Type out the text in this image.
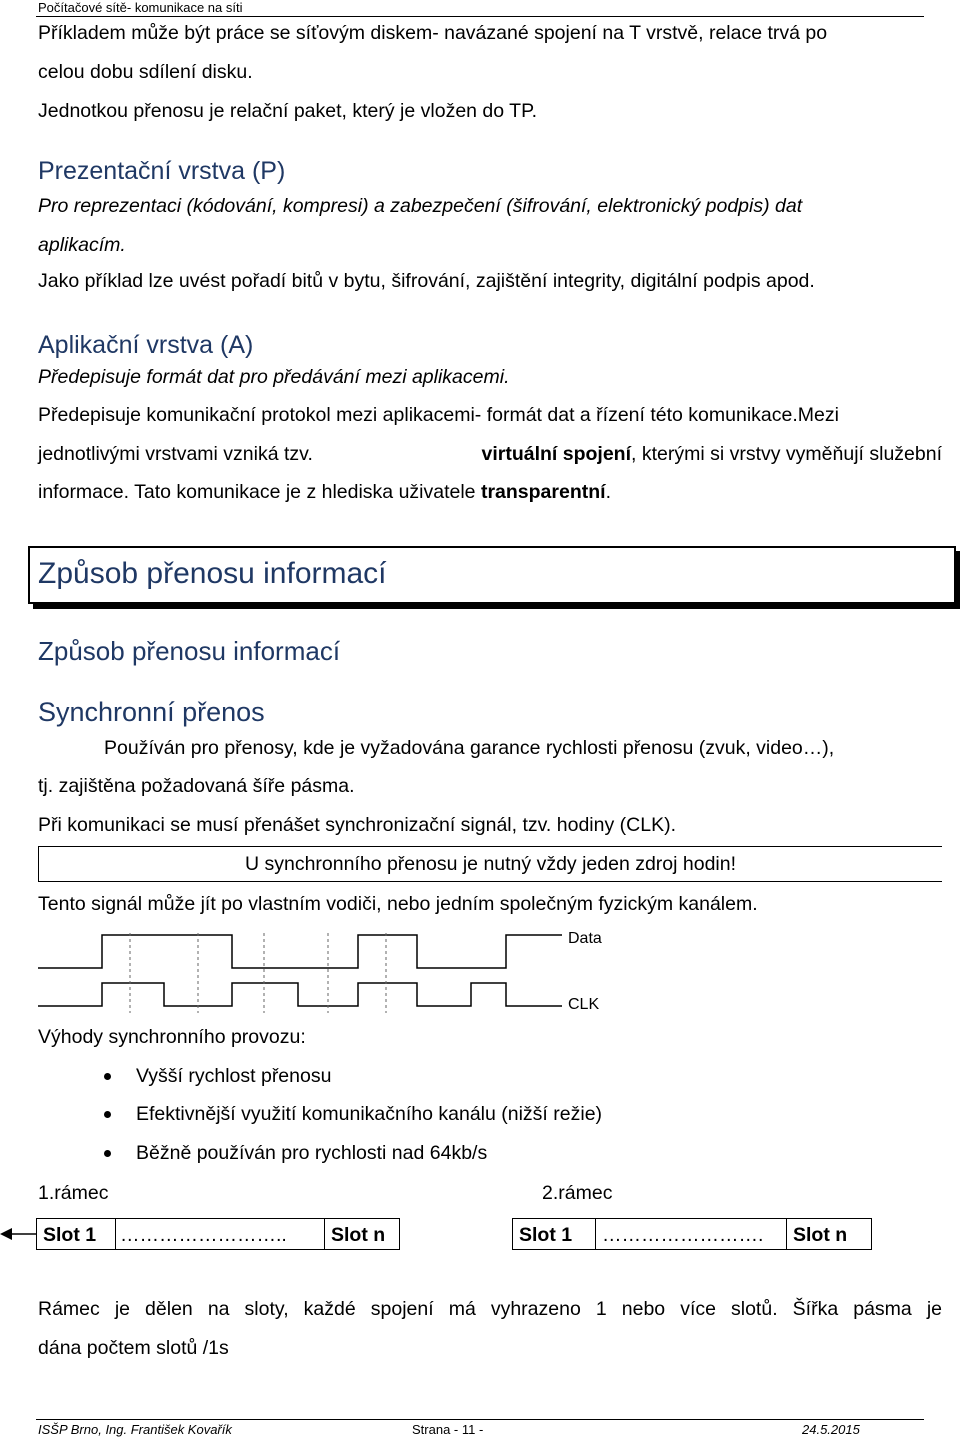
Počítačové sítě- komunikace na síti
Příkladem může být práce se síťovým diskem- navázané spojení na T vrstvě, relace trvá po
celou dobu sdílení disku.
Jednotkou přenosu je relační paket, který je vložen do TP.
Prezentační vrstva (P)
Pro reprezentaci (kódování, kompresi) a zabezpečení (šifrování, elektronický podpis) dat
aplikacím.
Jako příklad lze uvést pořadí bitů v bytu, šifrování, zajištění integrity, digitální podpis apod.
Aplikační vrstva (A)
Předepisuje formát dat pro předávání mezi aplikacemi.
Předepisuje komunikační protokol mezi aplikacemi- formát dat a řízení této komunikace.Mezi
jednotlivými vrstvami vzniká tzv.	virtuální spojení, kterými si vrstvy vyměňují služební
informace. Tato komunikace je z hlediska uživatele transparentní.
Způsob přenosu informací
Způsob přenosu informací
Synchronní přenos
Používán pro přenosy, kde je vyžadována garance rychlosti přenosu (zvuk, video…),
tj. zajištěna požadovaná šíře pásma.
Při komunikaci se musí přenášet synchronizační signál, tzv. hodiny (CLK).
U synchronního přenosu je nutný vždy jeden zdroj hodin!
Tento signál může jít po vlastním vodiči, nebo jedním společným fyzickým kanálem.
Data
CLK
Výhody synchronního provozu:
Vyšší rychlost přenosu
Efektivnější využití komunikačního kanálu (nižší režie)
Běžně používán pro rychlosti nad 64kb/s
1.rámec	2.rámec
Slot 1	……………………..	Slot n	Slot 1	…………………….	Slot n
Rámec je dělen na sloty, každé spojení má vyhrazeno 1 nebo více slotů. Šířka pásma je
dána počtem slotů /1s
ISŠP Brno, Ing. František Kovařík	Strana - 11 -	24.5.2015
